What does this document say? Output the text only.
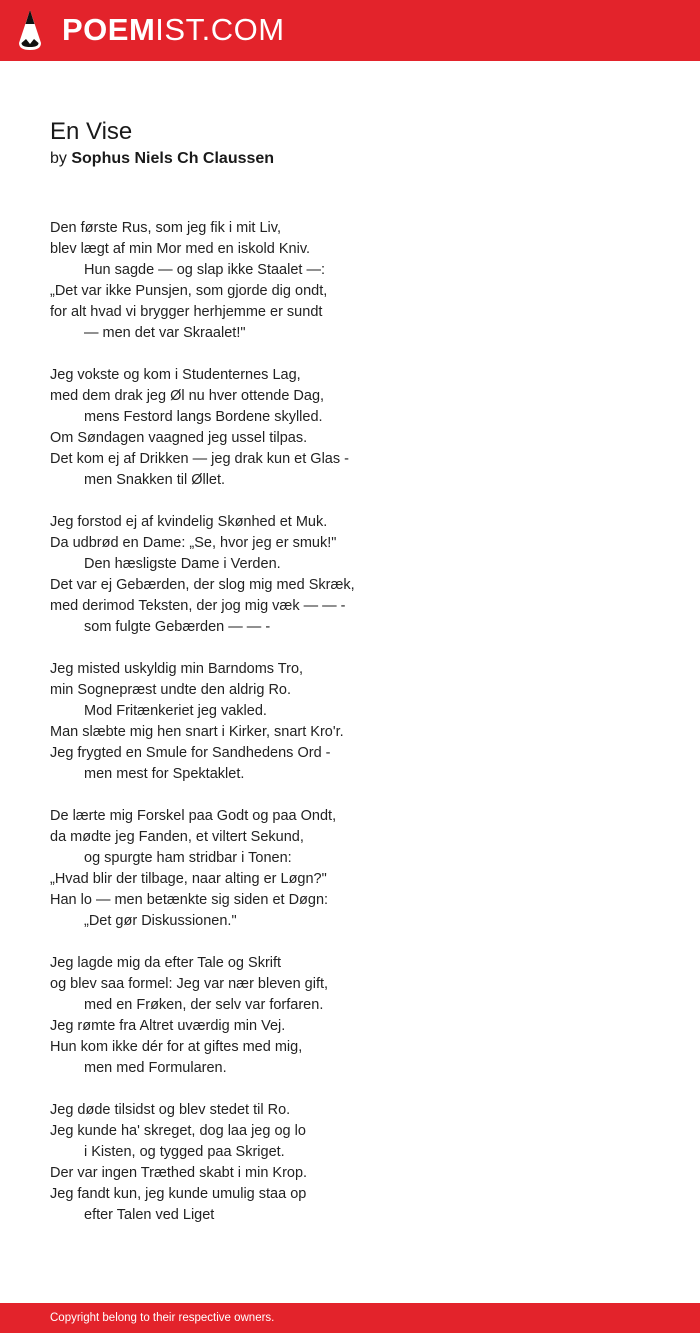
POEMIST.COM
En Vise
by Sophus Niels Ch Claussen
Den første Rus, som jeg fik i mit Liv,
blev lægt af min Mor med en iskold Kniv.
Hun sagde — og slap ikke Staalet —:
„Det var ikke Punsjen, som gjorde dig ondt,
for alt hvad vi brygger herhjemme er sundt
— men det var Skraalet!"
Jeg vokste og kom i Studenternes Lag,
med dem drak jeg Øl nu hver ottende Dag,
mens Festord langs Bordene skylled.
Om Søndagen vaagned jeg ussel tilpas.
Det kom ej af Drikken — jeg drak kun et Glas -
men Snakken til Øllet.
Jeg forstod ej af kvindelig Skønhed et Muk.
Da udbrød en Dame: „Se, hvor jeg er smuk!"
Den hæsligste Dame i Verden.
Det var ej Gebærden, der slog mig med Skræk,
med derimod Teksten, der jog mig væk — — -
som fulgte Gebærden — — -
Jeg misted uskyldig min Barndoms Tro,
min Sognepræst undte den aldrig Ro.
Mod Fritænkeriet jeg vakled.
Man slæbte mig hen snart i Kirker, snart Kro'r.
Jeg frygted en Smule for Sandhedens Ord -
men mest for Spektaklet.
De lærte mig Forskel paa Godt og paa Ondt,
da mødte jeg Fanden, et viltert Sekund,
og spurgte ham stridbar i Tonen:
„Hvad blir der tilbage, naar alting er Løgn?"
Han lo — men betænkte sig siden et Døgn:
„Det gør Diskussionen."
Jeg lagde mig da efter Tale og Skrift
og blev saa formel: Jeg var nær bleven gift,
med en Frøken, der selv var forfaren.
Jeg rømte fra Altret uværdig min Vej.
Hun kom ikke dér for at giftes med mig,
men med Formularen.
Jeg døde tilsidst og blev stedet til Ro.
Jeg kunde ha' skreget, dog laa jeg og lo
i Kisten, og tygged paa Skriget.
Der var ingen Træthed skabt i min Krop.
Jeg fandt kun, jeg kunde umulig staa op
efter Talen ved Liget
Copyright belong to their respective owners.
